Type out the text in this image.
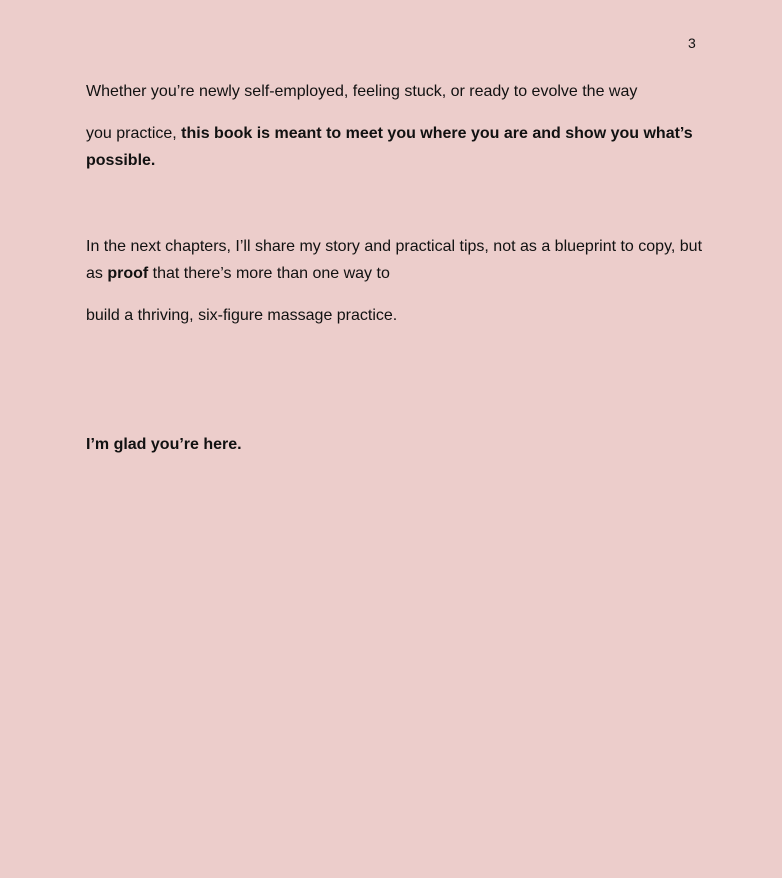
3
Whether you’re newly self-employed, feeling stuck, or ready to evolve the way
you practice, this book is meant to meet you where you are and show you what’s
possible.
In the next chapters, I’ll share my story and practical tips, not as a blueprint to copy, but
as proof that there’s more than one way to
build a thriving, six-figure massage practice.
I’m glad you’re here.
